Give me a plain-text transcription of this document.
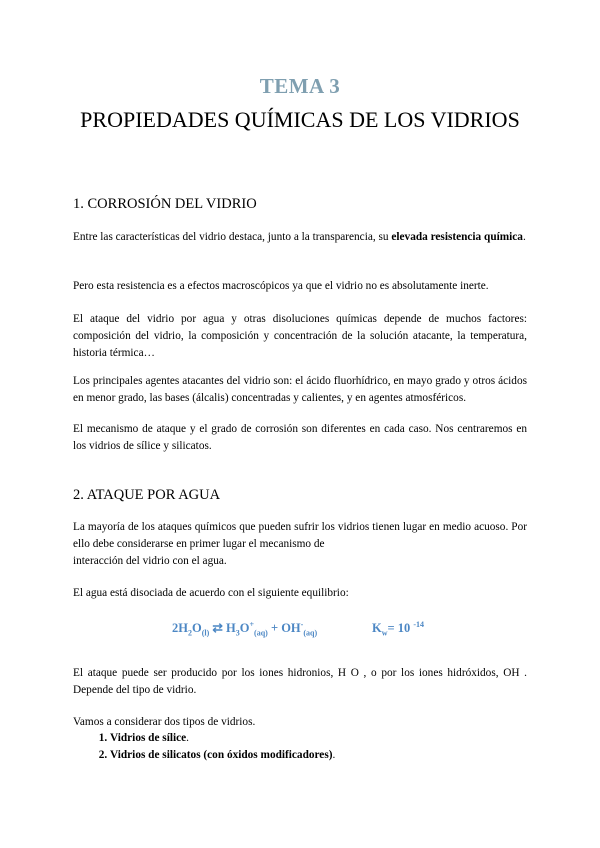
TEMA 3
PROPIEDADES QUÍMICAS DE LOS VIDRIOS
1. CORROSIÓN DEL VIDRIO

Entre las características del vidrio destaca, junto a la transparencia, su elevada resistencia química.

Pero esta resistencia es a efectos macroscópicos ya que el vidrio no es absolutamente inerte.

El ataque del vidrio por agua y otras disoluciones químicas depende de muchos factores: composición del vidrio, la composición y concentración de la solución atacante, la temperatura, historia térmica…

Los principales agentes atacantes del vidrio son: el ácido fluorhídrico, en mayo grado y otros ácidos en menor grado, las bases (álcalis) concentradas y calientes, y en agentes atmosféricos.

El mecanismo de ataque y el grado de corrosión son diferentes en cada caso. Nos centraremos en los vidrios de sílice y silicatos.

2. ATAQUE POR AGUA

La mayoría de los ataques químicos que pueden sufrir los vidrios tienen lugar en medio acuoso. Por ello debe considerarse en primer lugar el mecanismo de
interacción del vidrio con el agua.

El agua está disociada de acuerdo con el siguiente equilibrio:

$2H_2O_{(l)}$ ⇄ $H_3O^+_{(aq)} + OH^-_{(aq)}$	$K_w= 10$ $^{-14}$

El ataque puede ser producido por los iones hidronios, H O , o por los iones hidróxidos, OH . Depende del tipo de vidrio.

Vamos a considerar dos tipos de vidrios.

1. Vidrios de sílice.
2. Vidrios de silicatos (con óxidos modificadores).
